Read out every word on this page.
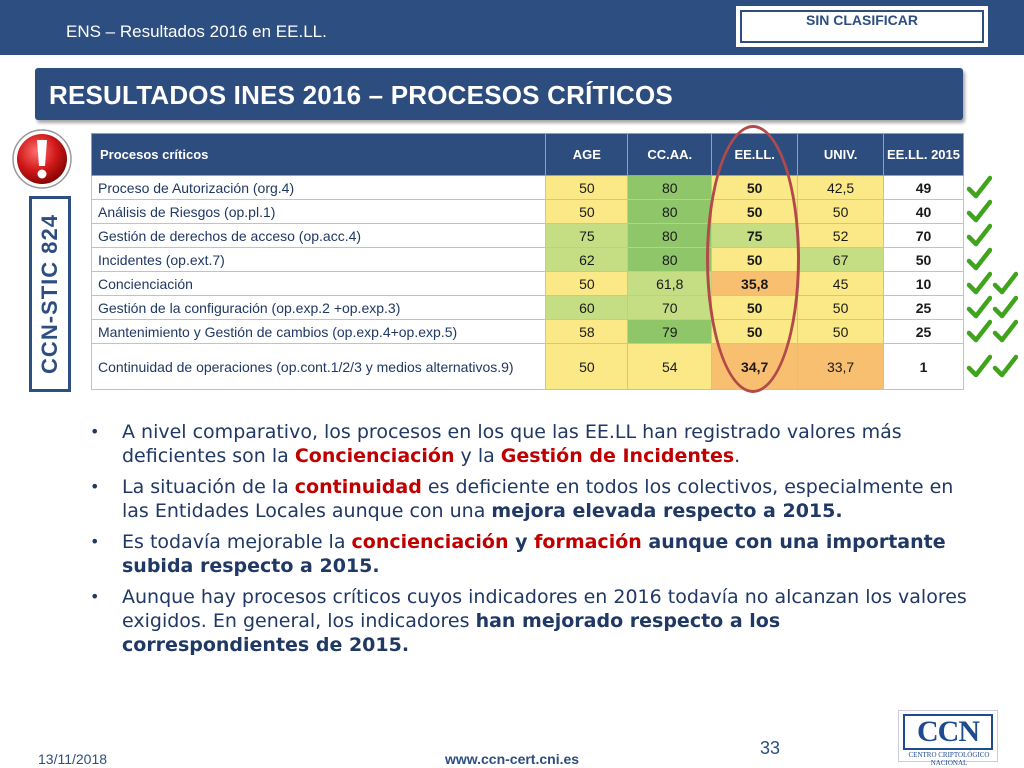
ENS – Resultados 2016 en EE.LL.
SIN CLASIFICAR
RESULTADOS INES 2016 – PROCESOS CRÍTICOS
CCN-STIC 824
Procesos críticos	AGE	CC.AA.	EE.LL.	UNIV.	EE.LL. 2015
Proceso de Autorización (org.4)	50	80	50	42,5	49
Análisis de Riesgos (op.pl.1)	50	80	50	50	40
Gestión de derechos de acceso (op.acc.4)	75	80	75	52	70
Incidentes (op.ext.7)	62	80	50	67	50
Concienciación	50	61,8	35,8	45	10
Gestión de la configuración (op.exp.2 +op.exp.3)	60	70	50	50	25
Mantenimiento y Gestión de cambios (op.exp.4+op.exp.5)	58	79	50	50	25
Continuidad de operaciones (op.cont.1/2/3 y medios alternativos.9)	50	54	34,7	33,7	1
•	A nivel comparativo, los procesos en los que las EE.LL han registrado valores más deficientes son la Concienciación y la Gestión de Incidentes.
•	La situación de la continuidad es deficiente en todos los colectivos, especialmente en las Entidades Locales aunque con una mejora elevada respecto a 2015.
•	Es todavía mejorable la concienciación y formación aunque con una importante subida respecto a 2015.
•	Aunque hay procesos críticos cuyos indicadores en 2016 todavía no alcanzan los valores exigidos. En general, los indicadores han mejorado respecto a los correspondientes de 2015.
13/11/2018	www.ccn-cert.cni.es
33	CCN
CENTRO CRIPTOLÓGICO NACIONAL
